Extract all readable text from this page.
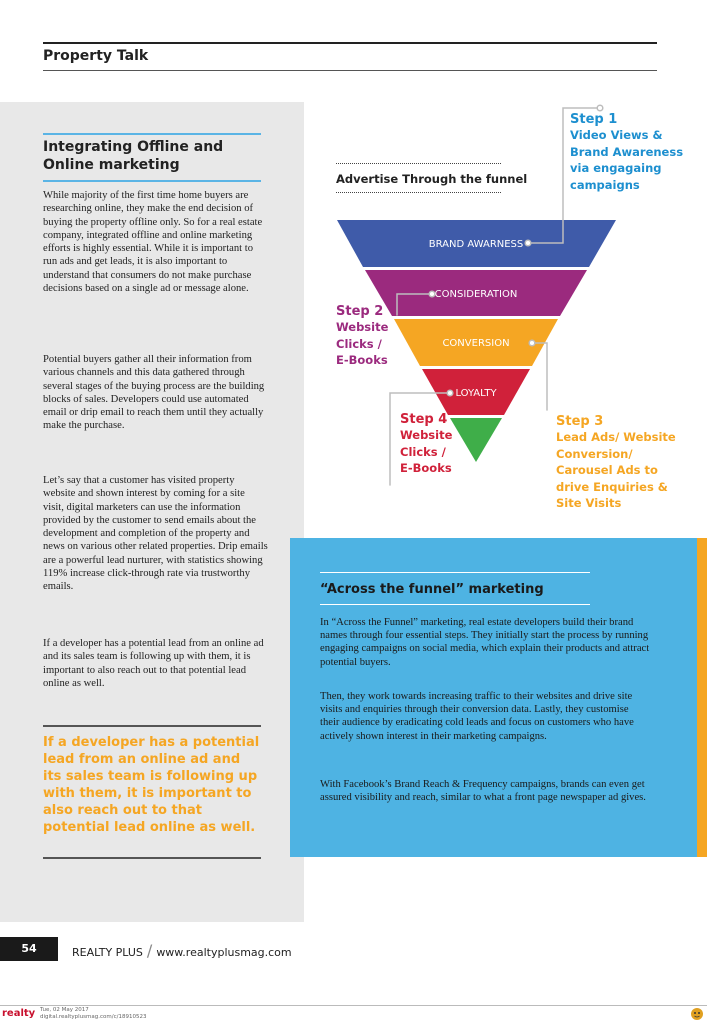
Property Talk
Integrating Offline and Online marketing

While majority of the first time home buyers are researching online, they make the end decision of buying the property offline only. So for a real estate company, integrated offline and online marketing efforts is highly essential. While it is important to run ads and get leads, it is also important to understand that consumers do not make purchase decisions based on a single ad or message alone.

Potential buyers gather all their information from various channels and this data gathered through several stages of the buying process are the building blocks of sales. Developers could use automated email or drip email to reach them until they actually make the purchase.

Let’s say that a customer has visited property website and shown interest by coming for a site visit, digital marketers can use the information provided by the customer to send emails about the development and completion of the property and news on various other related properties. Drip emails are a powerful lead nurturer, with statistics showing 119% increase click-through rate via trustworthy emails.

If a developer has a potential lead from an online ad and its sales team is following up with them, it is important to also reach out to that potential lead online as well.

If a developer has a potential lead from an online ad and its sales team is following up with them, it is important to also reach out to that potential lead online as well.
Advertise Through the funnel
BRAND AWARNESS
CONSIDERATION
CONVERSION
LOYALTY
Step 1
Video Views & Brand Awareness via engagaing campaigns
Step 2
Website Clicks / E-Books
Step 3
Lead Ads/ Website Conversion/ Carousel Ads to drive Enquiries & Site Visits
Step 4
Website Clicks / E-Books
“Across the funnel” marketing

In “Across the Funnel” marketing, real estate developers build their brand names through four essential steps. They initially start the process by running engaging campaigns on social media, which explain their products and attract potential buyers.

Then, they work towards increasing traffic to their websites and drive site visits and enquiries through their conversion data. Lastly, they customise their audience by eradicating cold leads and focus on customers who have actively shown interest in their marketing campaigns.

With Facebook’s Brand Reach & Frequency campaigns, brands can even get assured visibility and reach, similar to what a front page newspaper ad gives.

54	REALTY PLUS / www.realtyplusmag.com
realty Tue, 02 May 2017
digital.realtyplusmag.com/c/18910523
